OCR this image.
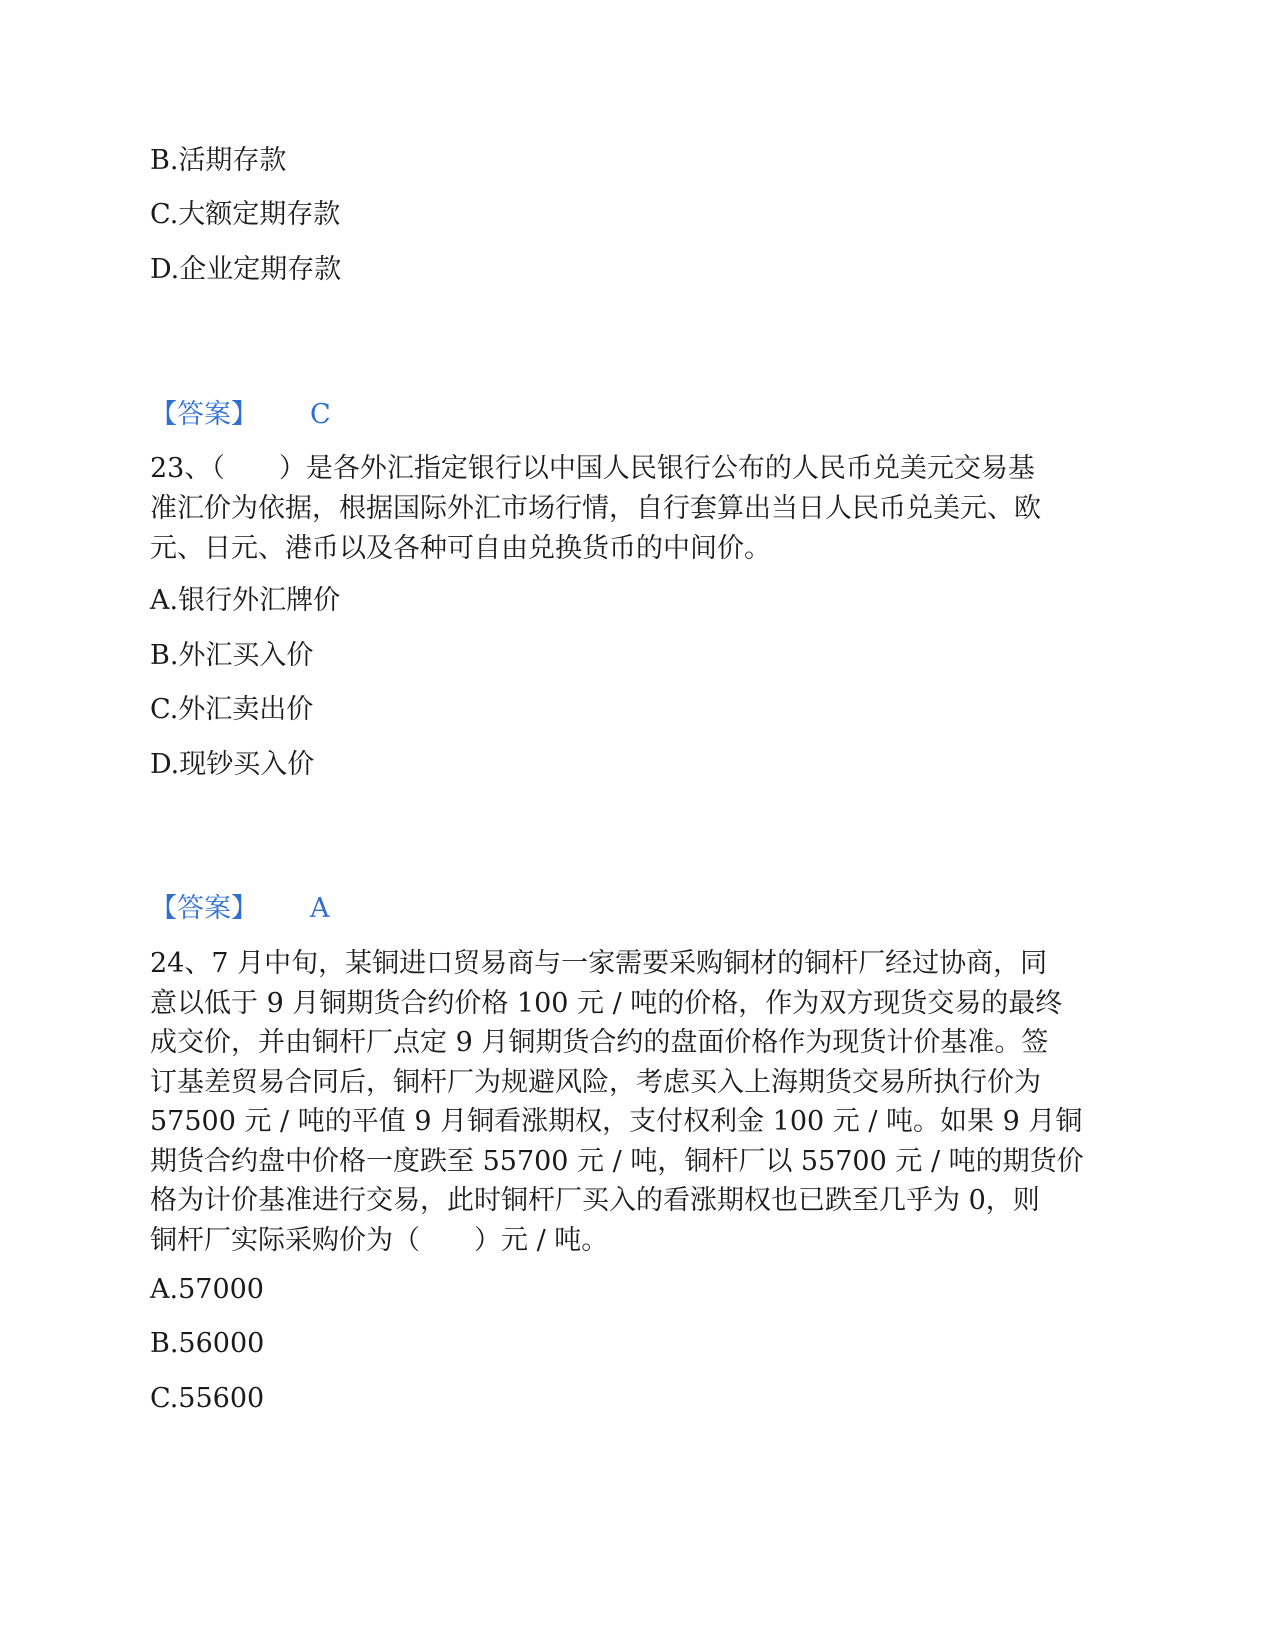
B.活期存款
C.大额定期存款
D.企业定期存款
【答案】 C
23、（　　）是各外汇指定银行以中国人民银行公布的人民币兑美元交易基
准汇价为依据，根据国际外汇市场行情，自行套算出当日人民币兑美元、欧
元、日元、港币以及各种可自由兑换货币的中间价。
A.银行外汇牌价
B.外汇买入价
C.外汇卖出价
D.现钞买入价
【答案】 A
24、7 月中旬，某铜进口贸易商与一家需要采购铜材的铜杆厂经过协商，同
意以低于 9 月铜期货合约价格 100 元 / 吨的价格，作为双方现货交易的最终
成交价，并由铜杆厂点定 9 月铜期货合约的盘面价格作为现货计价基准。签
订基差贸易合同后，铜杆厂为规避风险，考虑买入上海期货交易所执行价为
57500 元 / 吨的平值 9 月铜看涨期权，支付权利金 100 元 / 吨。如果 9 月铜
期货合约盘中价格一度跌至 55700 元 / 吨，铜杆厂以 55700 元 / 吨的期货价
格为计价基准进行交易，此时铜杆厂买入的看涨期权也已跌至几乎为 0，则
铜杆厂实际采购价为（　　）元 / 吨。
A.57000
B.56000
C.55600
